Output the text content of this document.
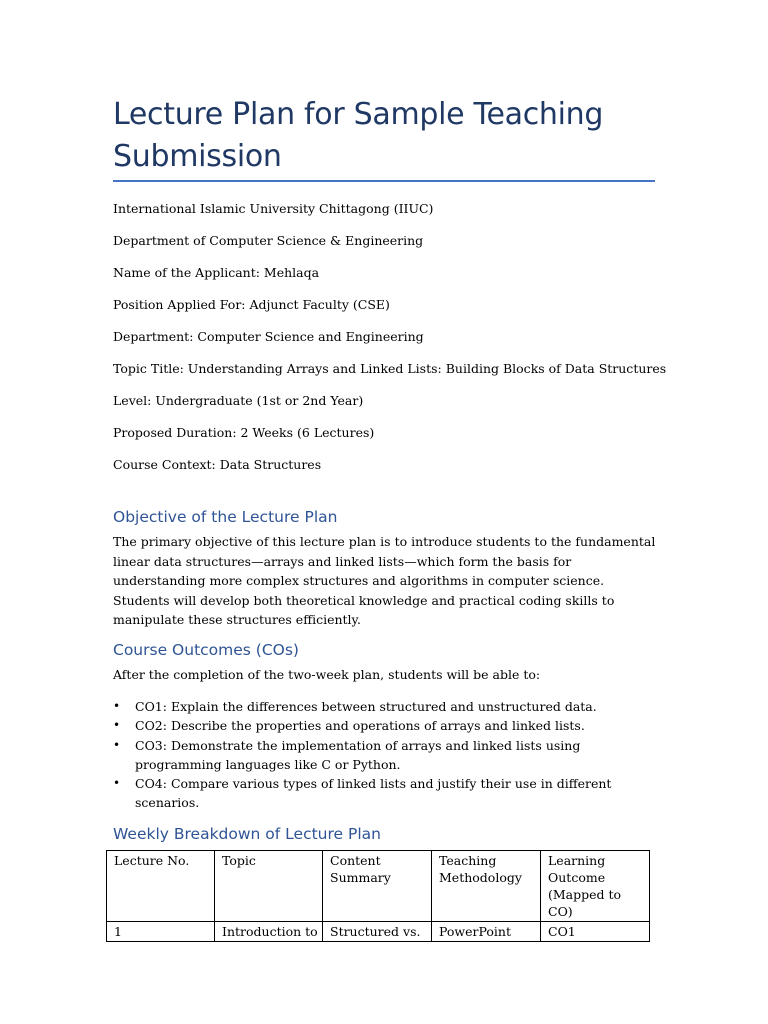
Lecture Plan for Sample Teaching Submission

International Islamic University Chittagong (IIUC)

Department of Computer Science & Engineering

Name of the Applicant: Mehlaqa

Position Applied For: Adjunct Faculty (CSE)

Department: Computer Science and Engineering

Topic Title: Understanding Arrays and Linked Lists: Building Blocks of Data Structures

Level: Undergraduate (1st or 2nd Year)

Proposed Duration: 2 Weeks (6 Lectures)

Course Context: Data Structures

Objective of the Lecture Plan

The primary objective of this lecture plan is to introduce students to the fundamental linear data structures—arrays and linked lists—which form the basis for understanding more complex structures and algorithms in computer science. Students will develop both theoretical knowledge and practical coding skills to manipulate these structures efficiently.

Course Outcomes (COs)

After the completion of the two-week plan, students will be able to:

• CO1: Explain the differences between structured and unstructured data.
• CO2: Describe the properties and operations of arrays and linked lists.
• CO3: Demonstrate the implementation of arrays and linked lists using programming languages like C or Python.
• CO4: Compare various types of linked lists and justify their use in different scenarios.
Weekly Breakdown of Lecture Plan
Lecture No.	Topic	Content Summary	Teaching Methodology	Learning Outcome (Mapped to CO)
1	Introduction to	Structured vs.	PowerPoint	CO1
